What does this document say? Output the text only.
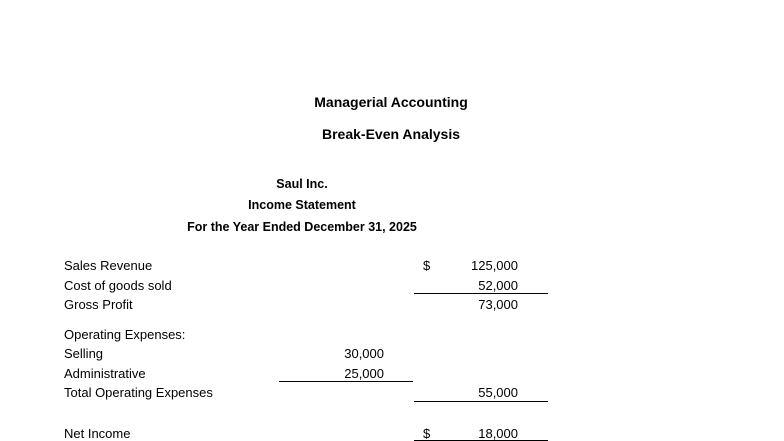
Managerial Accounting
Break-Even Analysis
Saul Inc.
Income Statement
For the Year Ended December 31, 2025
Sales Revenue	$	125,000
Cost of goods sold	52,000
Gross Profit	73,000
Operating Expenses:
Selling	30,000
Administrative	25,000
Total Operating Expenses	55,000
Net Income	$	18,000
